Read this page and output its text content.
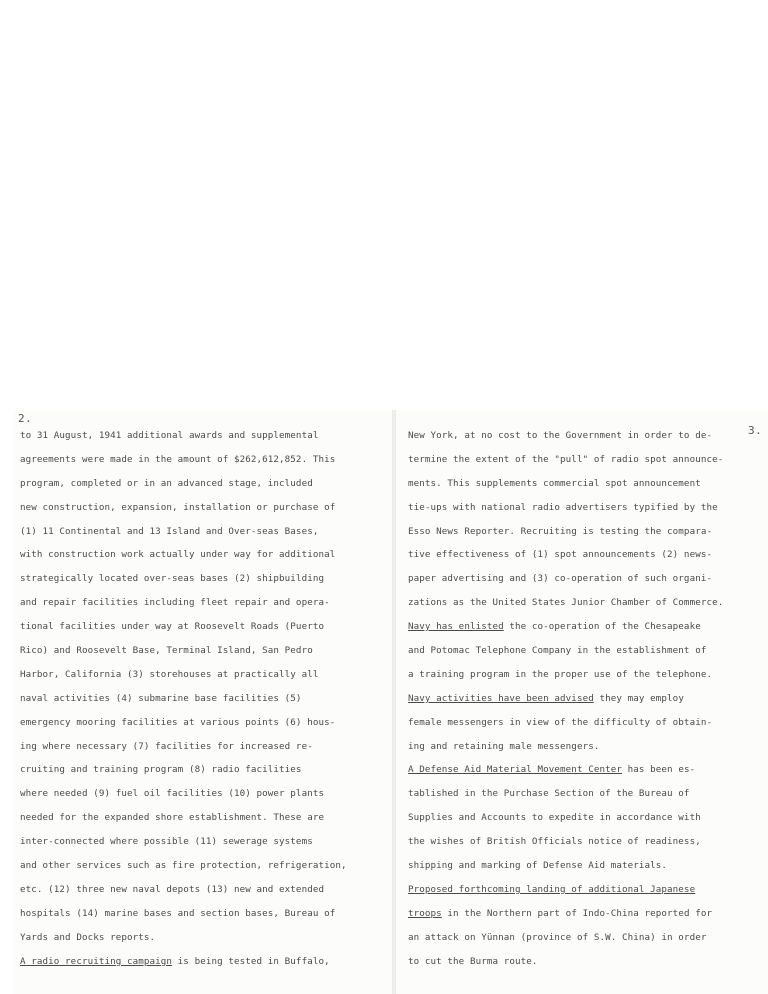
2.
to 31 August, 1941 additional awards and supplemental
agreements were made in the amount of $262,612,852. This
program, completed or in an advanced stage, included
new construction, expansion, installation or purchase of
(1) 11 Continental and 13 Island and Over-seas Bases,
with construction work actually under way for additional
strategically located over-seas bases (2) shipbuilding
and repair facilities including fleet repair and opera-
tional facilities under way at Roosevelt Roads (Puerto
Rico) and Roosevelt Base, Terminal Island, San Pedro
Harbor, California (3) storehouses at practically all
naval activities (4) submarine base facilities (5)
emergency mooring facilities at various points (6) hous-
ing where necessary (7) facilities for increased re-
cruiting and training program (8) radio facilities
where needed (9) fuel oil facilities (10) power plants
needed for the expanded shore establishment. These are
inter-connected where possible (11) sewerage systems
and other services such as fire protection, refrigeration,
etc. (12) three new naval depots (13) new and extended
hospitals (14) marine bases and section bases, Bureau of
Yards and Docks reports.
A radio recruiting campaign is being tested in Buffalo,
3.
New York, at no cost to the Government in order to de-
termine the extent of the "pull" of radio spot announce-
ments. This supplements commercial spot announcement
tie-ups with national radio advertisers typified by the
Esso News Reporter. Recruiting is testing the compara-
tive effectiveness of (1) spot announcements (2) news-
paper advertising and (3) co-operation of such organi-
zations as the United States Junior Chamber of Commerce.
Navy has enlisted the co-operation of the Chesapeake
and Potomac Telephone Company in the establishment of
a training program in the proper use of the telephone.
Navy activities have been advised they may employ
female messengers in view of the difficulty of obtain-
ing and retaining male messengers.
A Defense Aid Material Movement Center has been es-
tablished in the Purchase Section of the Bureau of
Supplies and Accounts to expedite in accordance with
the wishes of British Officials notice of readiness,
shipping and marking of Defense Aid materials.
Proposed forthcoming landing of additional Japanese
troops in the Northern part of Indo-China reported for
an attack on Yünnan (province of S.W. China) in order
to cut the Burma route.
